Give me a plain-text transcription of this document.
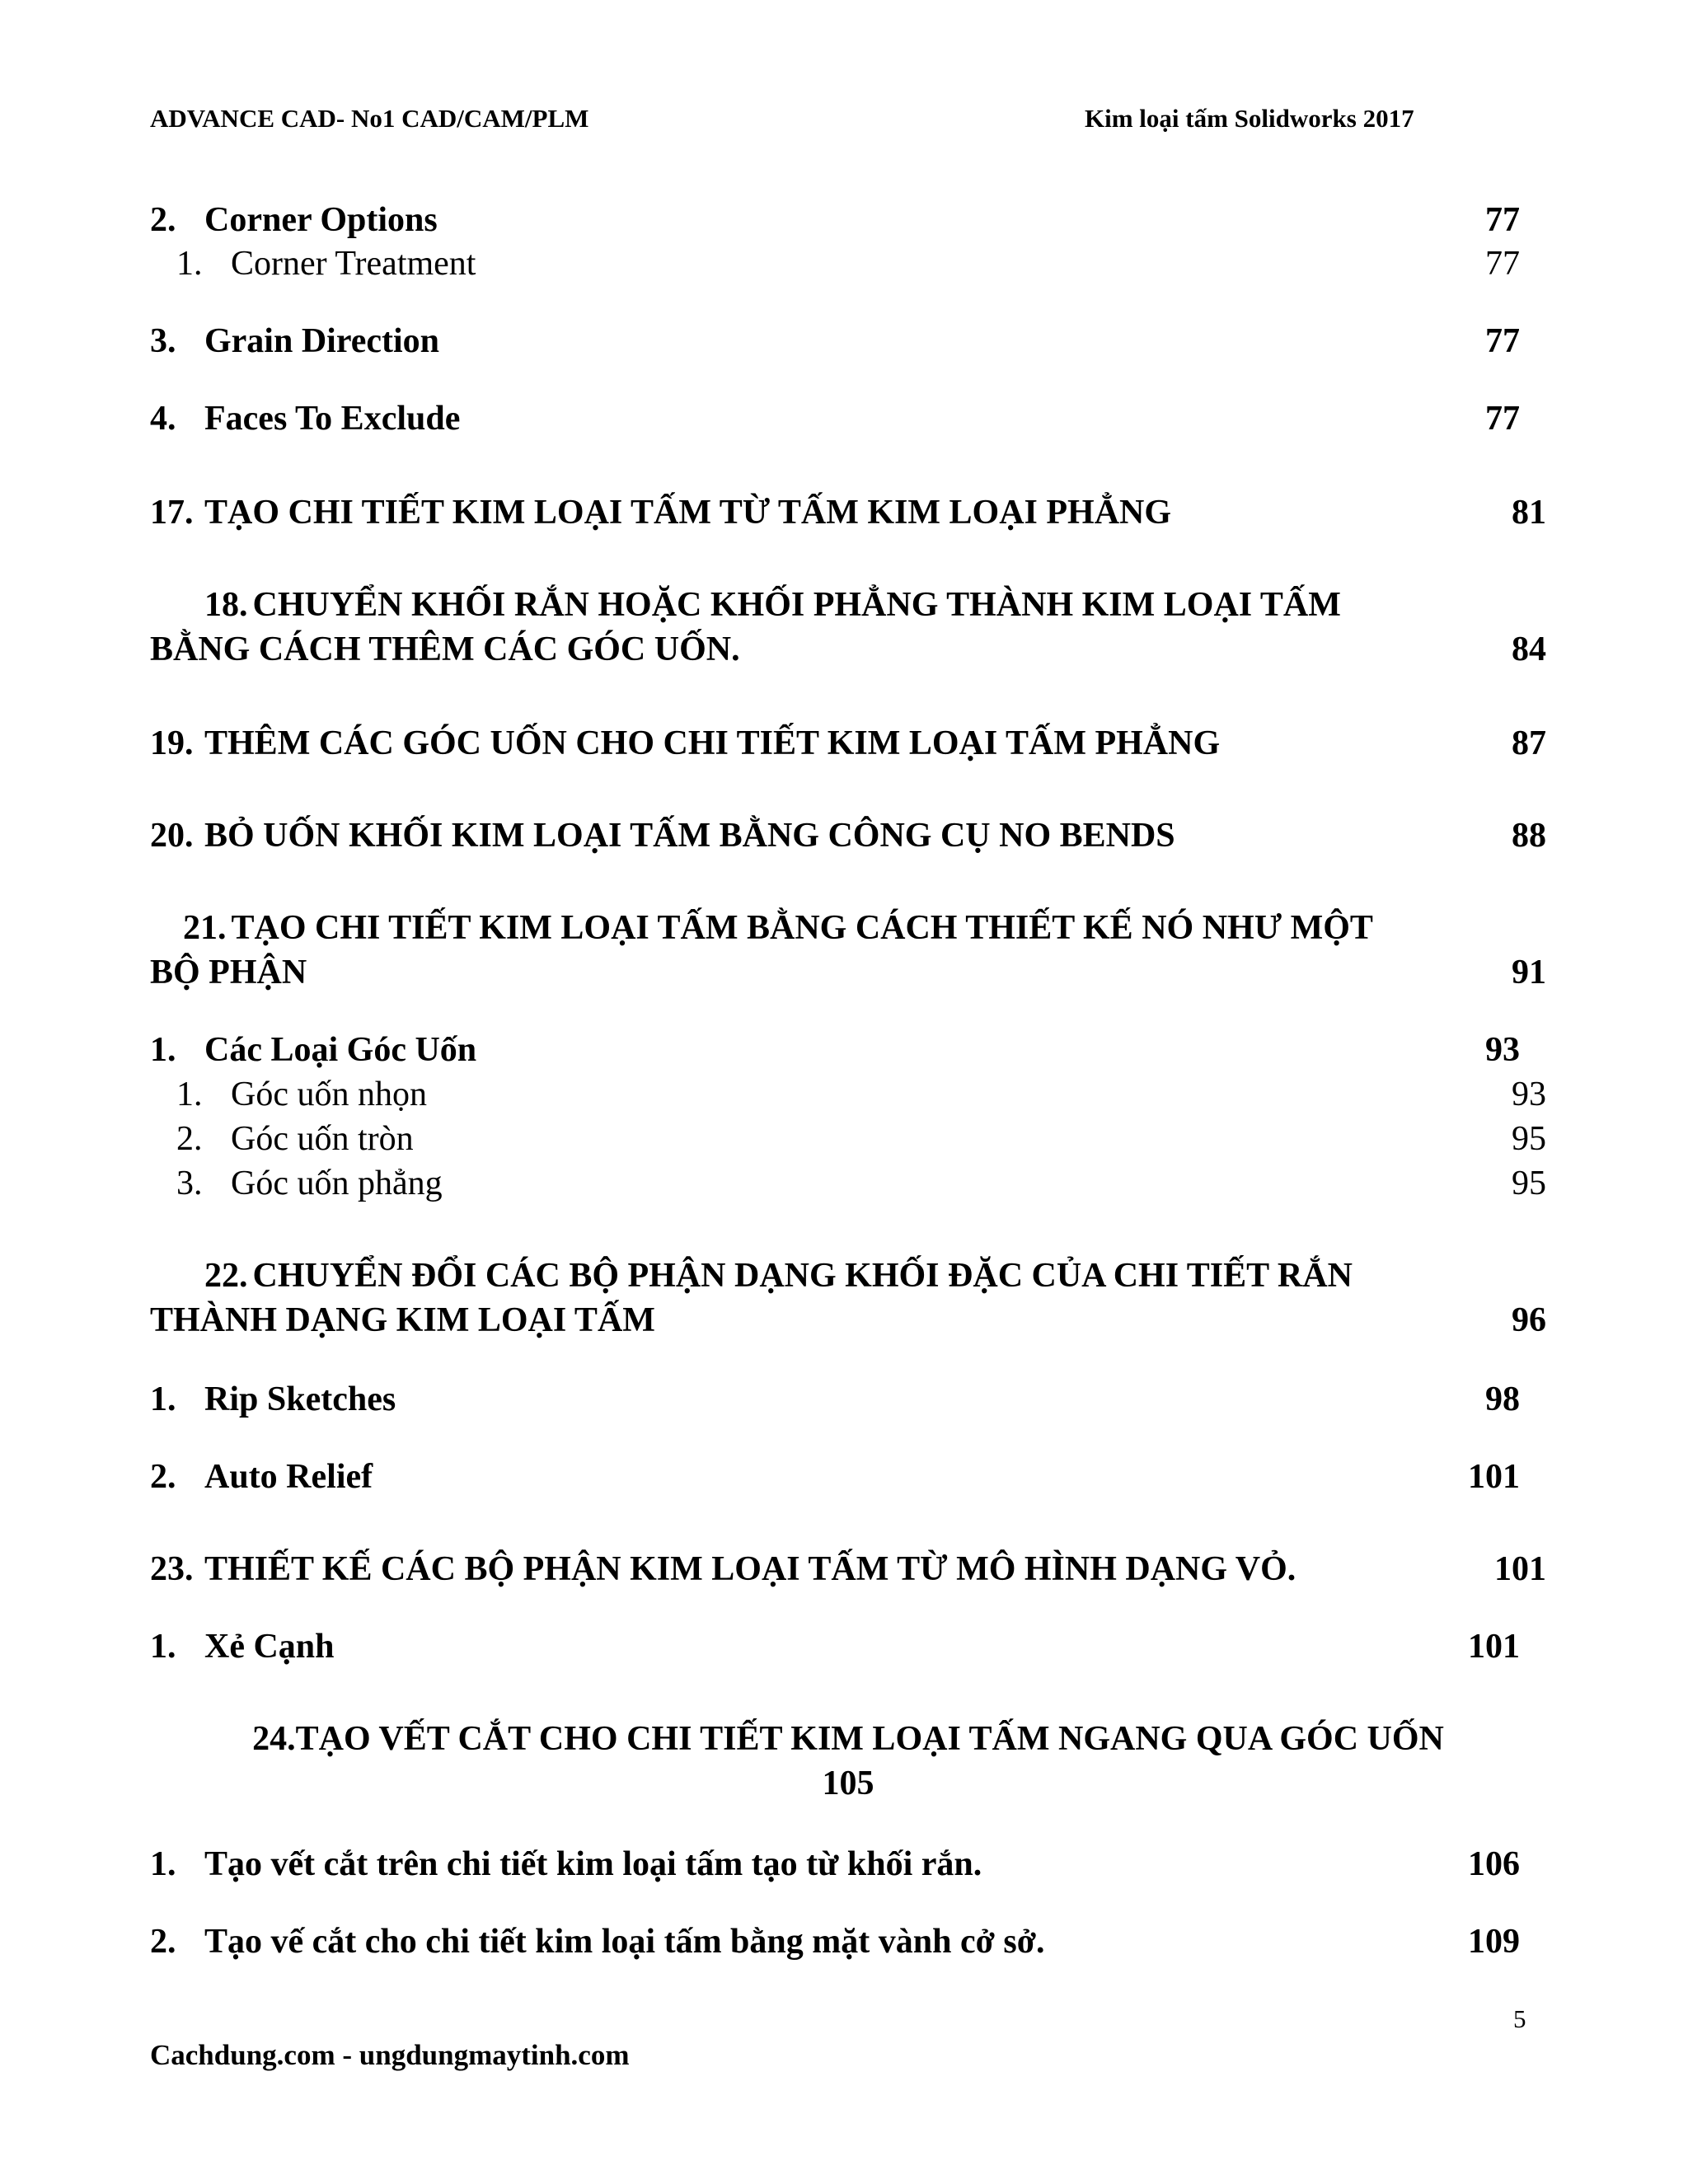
ADVANCE CAD- No1 CAD/CAM/PLM	Kim loại tấm Solidworks 2017
2. Corner Options	77
1. Corner Treatment	77
3. Grain Direction	77
4. Faces To Exclude	77
17. TẠO CHI TIẾT KIM LOẠI TẤM TỪ TẤM KIM LOẠI PHẲNG	81
18. CHUYỂN KHỐI RẮN HOẶC KHỐI PHẲNG THÀNH KIM LOẠI TẤM
BẰNG CÁCH THÊM CÁC GÓC UỐN.	84
19. THÊM CÁC GÓC UỐN CHO CHI TIẾT KIM LOẠI TẤM PHẲNG	87
20. BỎ UỐN KHỐI KIM LOẠI TẤM BẰNG CÔNG CỤ NO BENDS	88
21. TẠO CHI TIẾT KIM LOẠI TẤM BẰNG CÁCH THIẾT KẾ NÓ NHƯ MỘT
BỘ PHẬN	91
1. Các Loại Góc Uốn	93
1. Góc uốn nhọn	93
2. Góc uốn tròn	95
3. Góc uốn phẳng	95
22. CHUYỂN ĐỔI CÁC BỘ PHẬN DẠNG KHỐI ĐẶC CỦA CHI TIẾT RẮN
THÀNH DẠNG KIM LOẠI TẤM	96
1. Rip Sketches	98
2. Auto Relief	101
23. THIẾT KẾ CÁC BỘ PHẬN KIM LOẠI TẤM TỪ MÔ HÌNH DẠNG VỎ.	101
1. Xẻ Cạnh	101
24.TẠO VẾT CẮT CHO CHI TIẾT KIM LOẠI TẤM NGANG QUA GÓC UỐN
105
1. Tạo vết cắt trên chi tiết kim loại tấm tạo từ khối rắn.	106
2. Tạo vế cắt cho chi tiết kim loại tấm bằng mặt vành cở sở.	109
5
Cachdung.com - ungdungmaytinh.com
